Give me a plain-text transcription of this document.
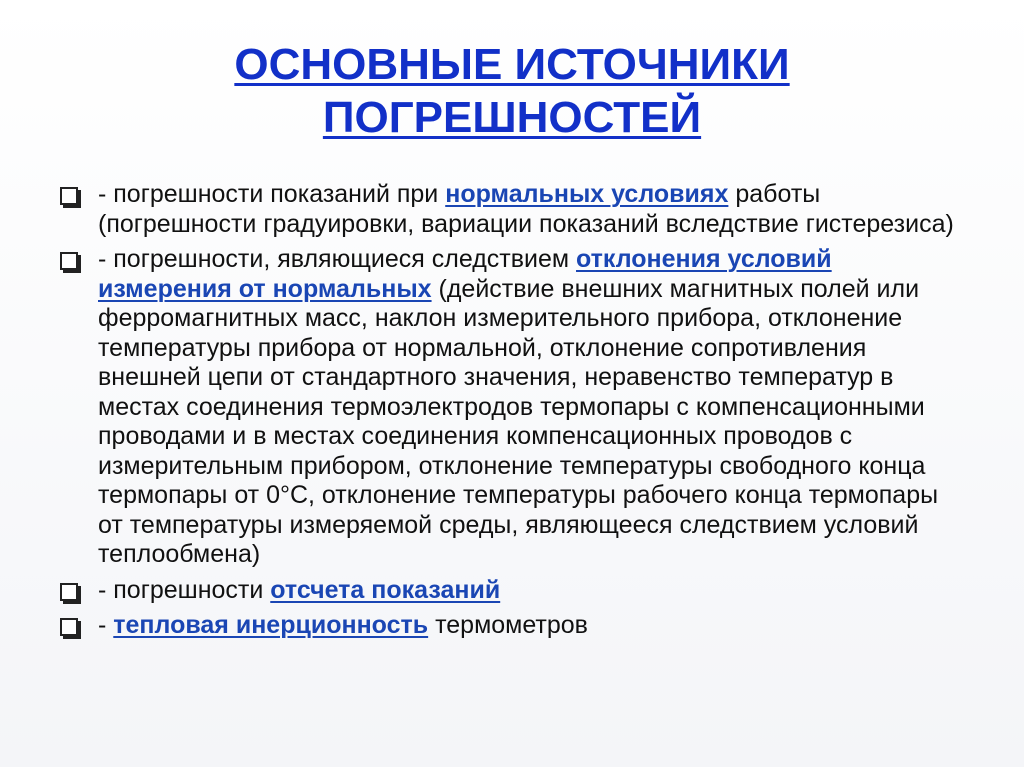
ОСНОВНЫЕ ИСТОЧНИКИ
ПОГРЕШНОСТЕЙ
- погрешности показаний при нормальных условиях работы (погрешности градуировки, вариации показаний вследствие гистерезиса)
- погрешности, являющиеся следствием отклонения условий измерения от нормальных (действие внешних магнитных полей или ферромагнитных масс, наклон измерительного прибора, отклонение температуры прибора от нормальной, отклонение сопротивления внешней цепи от стандартного значения, неравенство температур в местах соединения термоэлектродов термопары с компенсационными проводами и в местах соединения компенсационных проводов с измерительным прибором, отклонение температуры свободного конца термопары от 0°С, отклонение температуры рабочего конца термопары от температуры измеряемой среды, являющееся следствием условий теплообмена)
- погрешности отсчета показаний
- тепловая инерционность термометров
